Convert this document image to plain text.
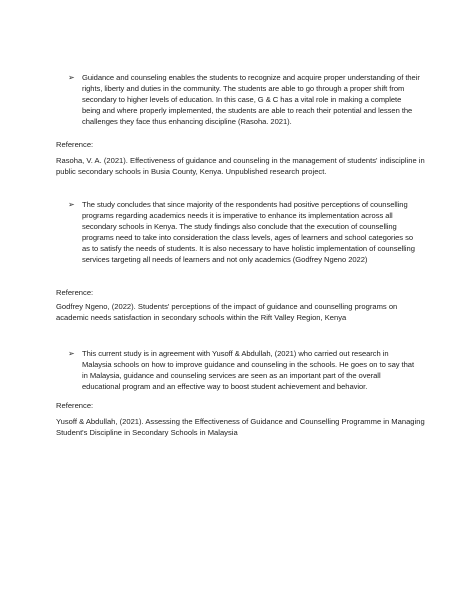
➢ Guidance and counseling enables the students to recognize and acquire proper understanding of their rights, liberty and duties in the community. The students are able to go through a proper shift from secondary to higher levels of education. In this case, G & C has a vital role in making a complete being and where properly implemented, the students are able to reach their potential and lessen the challenges they face thus enhancing discipline (Rasoha. 2021).
Reference:
Rasoha, V. A. (2021). Effectiveness of guidance and counseling in the management of students' indiscipline in public secondary schools in Busia County, Kenya. Unpublished research project.
➢ The study concludes that since majority of the respondents had positive perceptions of counselling programs regarding academics needs it is imperative to enhance its implementation across all secondary schools in Kenya. The study findings also conclude that the execution of counselling programs need to take into consideration the class levels, ages of learners and school categories so as to satisfy the needs of students. It is also necessary to have holistic implementation of counselling services targeting all needs of learners and not only academics (Godfrey Ngeno 2022)
Reference:
Godfrey Ngeno, (2022). Students' perceptions of the impact of guidance and counselling programs on academic needs satisfaction in secondary schools within the Rift Valley Region, Kenya
➢ This current study is in agreement with Yusoff & Abdullah, (2021) who carried out research in Malaysia schools on how to improve guidance and counseling in the schools. He goes on to say that in Malaysia, guidance and counseling services are seen as an important part of the overall educational program and an effective way to boost student achievement and behavior.
Reference:
Yusoff & Abdullah, (2021). Assessing the Effectiveness of Guidance and Counselling Programme in Managing Student's Discipline in Secondary Schools in Malaysia
